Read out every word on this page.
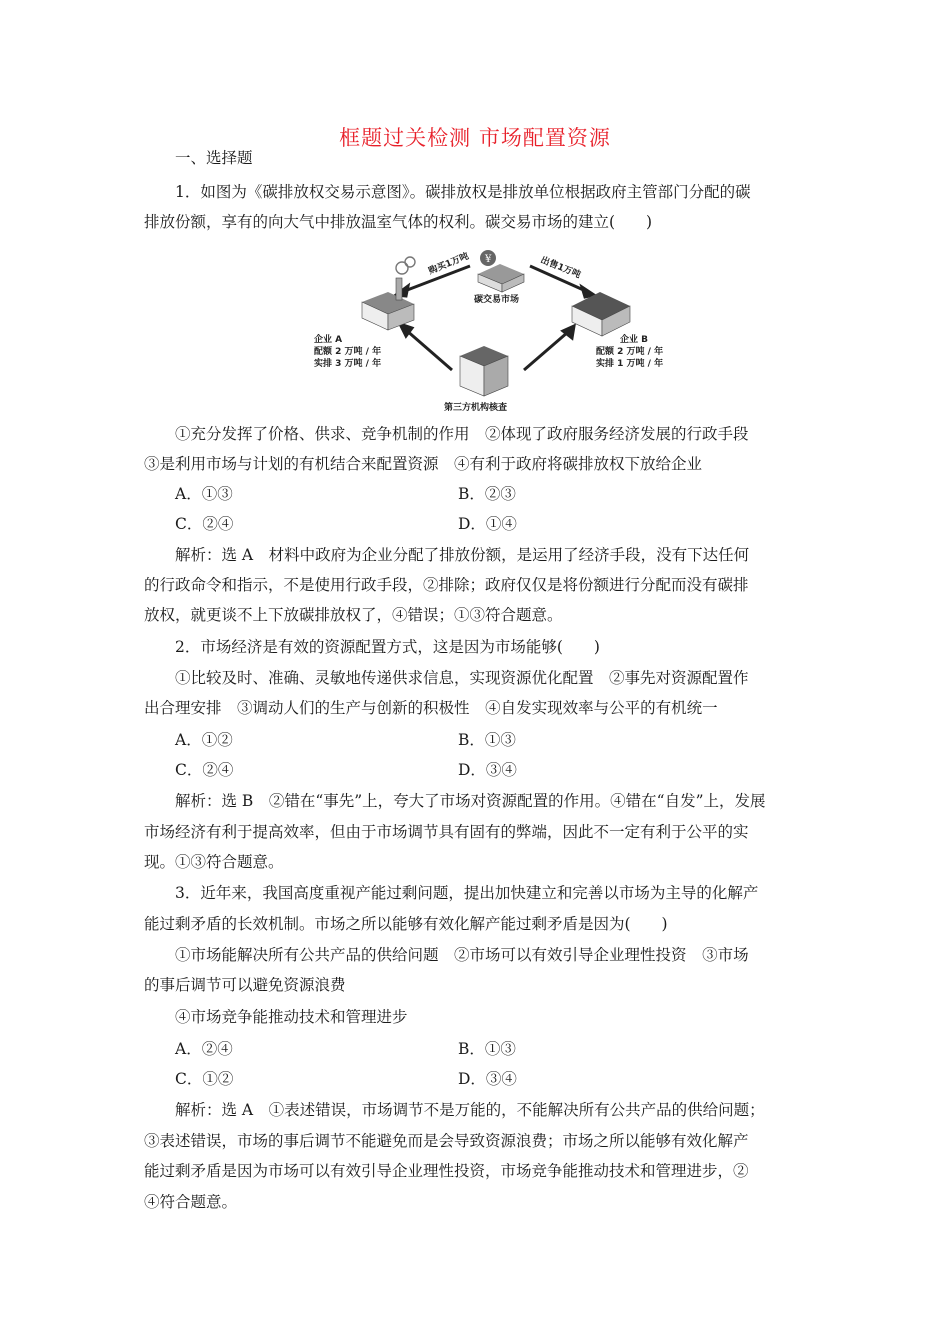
框题过关检测 市场配置资源
一、选择题
1．如图为《碳排放权交易示意图》。碳排放权是排放单位根据政府主管部门分配的碳
排放份额，享有的向大气中排放温室气体的权利。碳交易市场的建立(　　)
¥
购买1万吨	出售1万吨
碳交易市场
企业 A
配额 2 万吨 / 年
实排 3 万吨 / 年
企业 B
配额 2 万吨 / 年
实排 1 万吨 / 年
第三方机构核查
①充分发挥了价格、供求、竞争机制的作用　 ②体现了政府服务经济发展的行政手段
③是利用市场与计划的有机结合来配置资源　 ④有利于政府将碳排放权下放给企业
A．①③	B．②③
C．②④	D．①④
解析：选 A　材料中政府为企业分配了排放份额，是运用了经济手段，没有下达任何
的行政命令和指示，不是使用行政手段，②排除；政府仅仅是将份额进行分配而没有碳排
放权，就更谈不上下放碳排放权了，④错误；①③符合题意。
2．市场经济是有效的资源配置方式，这是因为市场能够(　　)
①比较及时、准确、灵敏地传递供求信息，实现资源优化配置　 ②事先对资源配置作
出合理安排　 ③调动人们的生产与创新的积极性　 ④自发实现效率与公平的有机统一
A．①②	B．①③
C．②④	D．③④
解析：选 B　②错在“事先”上，夸大了市场对资源配置的作用。④错在“自发”上，发展
市场经济有利于提高效率，但由于市场调节具有固有的弊端，因此不一定有利于公平的实
现。①③符合题意。
3．近年来，我国高度重视产能过剩问题，提出加快建立和完善以市场为主导的化解产
能过剩矛盾的长效机制。市场之所以能够有效化解产能过剩矛盾是因为(　　)
①市场能解决所有公共产品的供给问题　 ②市场可以有效引导企业理性投资　 ③市场
的事后调节可以避免资源浪费
④市场竞争能推动技术和管理进步
A．②④	B．①③
C．①②	D．③④
解析：选 A　①表述错误，市场调节不是万能的，不能解决所有公共产品的供给问题；
③表述错误，市场的事后调节不能避免而是会导致资源浪费；市场之所以能够有效化解产
能过剩矛盾是因为市场可以有效引导企业理性投资，市场竞争能推动技术和管理进步，②
④符合题意。
